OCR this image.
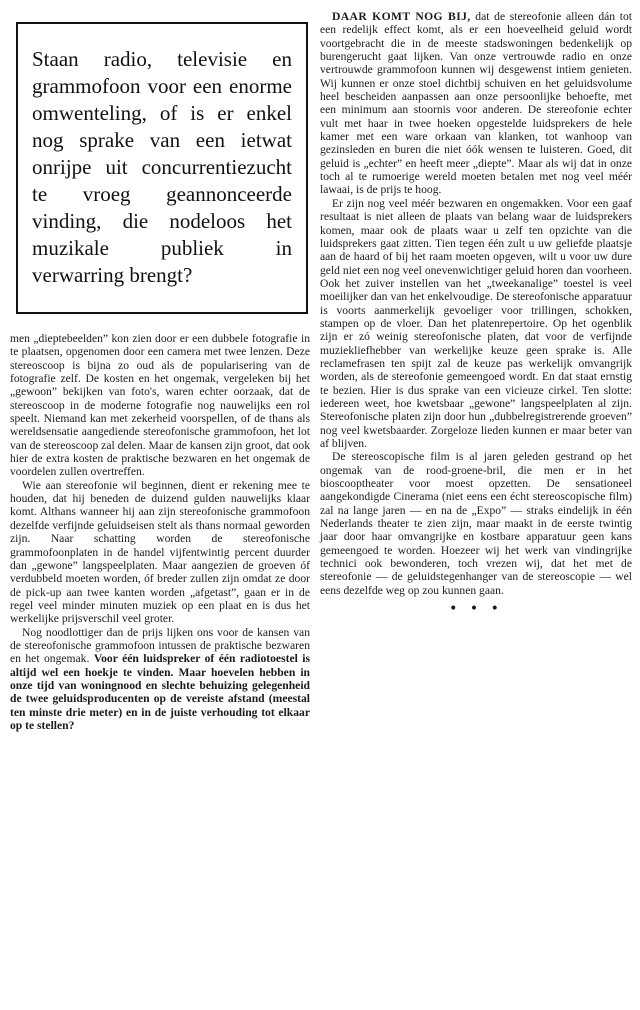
Staan radio, televisie en grammofoon voor een enorme omwenteling, of is er enkel nog sprake van een ietwat onrijpe uit concurrentiezucht te vroeg geannonceerde vinding, die nodeloos het muzikale publiek in verwarring brengt?

men „dieptebeelden” kon zien door er een dubbele fotografie in te plaatsen, opgenomen door een camera met twee lenzen. Deze stereoscoop is bijna zo oud als de popularisering van de fotografie zelf. De kosten en het ongemak, vergeleken bij het „gewoon” bekijken van foto's, waren echter oorzaak, dat de stereoscoop in de moderne fotografie nog nauwelijks een rol speelt. Niemand kan met zekerheid voorspellen, of de thans als wereldsensatie aangediende stereofonische grammofoon, het lot van de stereoscoop zal delen. Maar de kansen zijn groot, dat ook hier de extra kosten de praktische bezwaren en het ongemak de voordelen zullen overtreffen.

Wie aan stereofonie wil beginnen, dient er rekening mee te houden, dat hij beneden de duizend gulden nauwelijks klaar komt. Althans wanneer hij aan zijn stereofonische grammofoon dezelfde verfijnde geluidseisen stelt als thans normaal geworden zijn. Naar schatting worden de stereofonische grammofoonplaten in de handel vijfentwintig percent duurder dan „gewone” langspeelplaten. Maar aangezien de groeven óf verdubbeld moeten worden, óf breder zullen zijn omdat ze door de pick-up aan twee kanten worden „afgetast”, gaan er in de regel veel minder minuten muziek op een plaat en is dus het werkelijke prijsverschil veel groter.

Nog noodlottiger dan de prijs lijken ons voor de kansen van de stereofonische grammofoon intussen de praktische bezwaren en het ongemak. Voor één luidspreker of één radiotoestel is altijd wel een hoekje te vinden. Maar hoevelen hebben in onze tijd van woningnood en slechte behuizing gelegenheid de twee geluidsproducenten op de vereiste afstand (meestal ten minste drie meter) en in de juiste verhouding tot elkaar op te stellen?

DAAR KOMT NOG BIJ, dat de stereofonie alleen dán tot een redelijk effect komt, als er een hoeveelheid geluid wordt voortgebracht die in de meeste stadswoningen bedenkelijk op burengerucht gaat lijken. Van onze vertrouwde radio en onze vertrouwde grammofoon kunnen wij desgewenst intiem genieten. Wij kunnen er onze stoel dichtbij schuiven en het geluidsvolume heel bescheiden aanpassen aan onze persoonlijke behoefte, met een minimum aan stoornis voor anderen. De stereofonie echter vult met haar in twee hoeken opgestelde luidsprekers de hele kamer met een ware orkaan van klanken, tot wanhoop van gezinsleden en buren die niet óók wensen te luisteren. Goed, dit geluid is „echter” en heeft meer „diepte”. Maar als wij dat in onze toch al te rumoerige wereld moeten betalen met nog veel méér lawaai, is de prijs te hoog.

Er zijn nog veel méér bezwaren en ongemakken. Voor een gaaf resultaat is niet alleen de plaats van belang waar de luidsprekers komen, maar ook de plaats waar u zelf ten opzichte van die luidsprekers gaat zitten. Tien tegen één zult u uw geliefde plaatsje aan de haard of bij het raam moeten opgeven, wilt u voor uw dure geld niet een nog veel onevenwichtiger geluid horen dan voorheen. Ook het zuiver instellen van het „tweekanalige” toestel is veel moeilijker dan van het enkelvoudige. De stereofonische apparatuur is voorts aanmerkelijk gevoeliger voor trillingen, schokken, stampen op de vloer. Dan het platenrepertoire. Op het ogenblik zijn er zó weinig stereofonische platen, dat voor de verfijnde muziekliefhebber van werkelijke keuze geen sprake is. Alle reclamefrasen ten spijt zal de keuze pas werkelijk omvangrijk worden, als de stereofonie gemeengoed wordt. En dat staat ernstig te bezien. Hier is dus sprake van een vicieuze cirkel. Ten slotte: iedereen weet, hoe kwetsbaar „gewone” langspeelplaten al zijn. Stereofonische platen zijn door hun „dubbelregistrerende groeven” nog veel kwetsbaarder. Zorgeloze lieden kunnen er maar beter van af blijven.

De stereoscopische film is al jaren geleden gestrand op het ongemak van de rood-groene-bril, die men er in het bioscooptheater voor moest opzetten. De sensationeel aangekondigde Cinerama (niet eens een écht stereoscopische film) zal na lange jaren — en na de „Expo” — straks eindelijk in één Nederlands theater te zien zijn, maar maakt in de eerste twintig jaar door haar omvangrijke en kostbare apparatuur geen kans gemeengoed te worden. Hoezeer wij het werk van vindingrijke technici ook bewonderen, toch vrezen wij, dat het met de stereofonie — de geluidstegenhanger van de stereoscopie — wel eens dezelfde weg op zou kunnen gaan.

• • •
